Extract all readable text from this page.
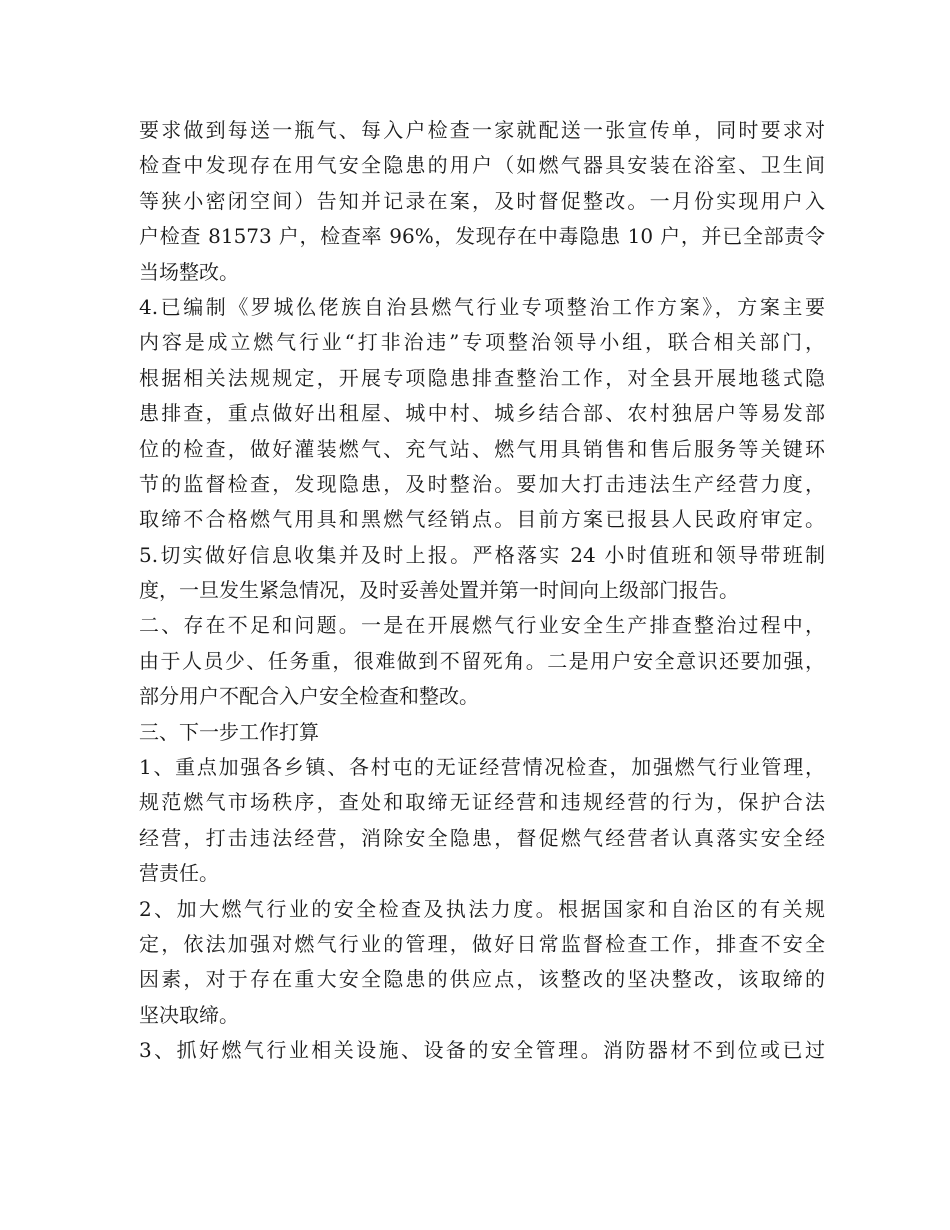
要求做到每送一瓶气、每入户检查一家就配送一张宣传单，同时要求对
检查中发现存在用气安全隐患的用户（如燃气器具安装在浴室、卫生间
等狭小密闭空间）告知并记录在案，及时督促整改。一月份实现用户入
户检查 81573 户，检查率 96%，发现存在中毒隐患 10 户，并已全部责令
当场整改。
4.已编制《罗城仫佬族自治县燃气行业专项整治工作方案》，方案主要
内容是成立燃气行业“打非治违”专项整治领导小组，联合相关部门，
根据相关法规规定，开展专项隐患排查整治工作，对全县开展地毯式隐
患排查，重点做好出租屋、城中村、城乡结合部、农村独居户等易发部
位的检查，做好灌装燃气、充气站、燃气用具销售和售后服务等关键环
节的监督检查，发现隐患，及时整治。要加大打击违法生产经营力度，
取缔不合格燃气用具和黑燃气经销点。目前方案已报县人民政府审定。
5.切实做好信息收集并及时上报。严格落实 24 小时值班和领导带班制
度，一旦发生紧急情况，及时妥善处置并第一时间向上级部门报告。
二、存在不足和问题。一是在开展燃气行业安全生产排查整治过程中，
由于人员少、任务重，很难做到不留死角。二是用户安全意识还要加强，
部分用户不配合入户安全检查和整改。
三、下一步工作打算
1、重点加强各乡镇、各村屯的无证经营情况检查，加强燃气行业管理，
规范燃气市场秩序，查处和取缔无证经营和违规经营的行为，保护合法
经营，打击违法经营，消除安全隐患，督促燃气经营者认真落实安全经
营责任。
2、加大燃气行业的安全检查及执法力度。根据国家和自治区的有关规
定，依法加强对燃气行业的管理，做好日常监督检查工作，排查不安全
因素，对于存在重大安全隐患的供应点，该整改的坚决整改，该取缔的
坚决取缔。
3、抓好燃气行业相关设施、设备的安全管理。消防器材不到位或已过
